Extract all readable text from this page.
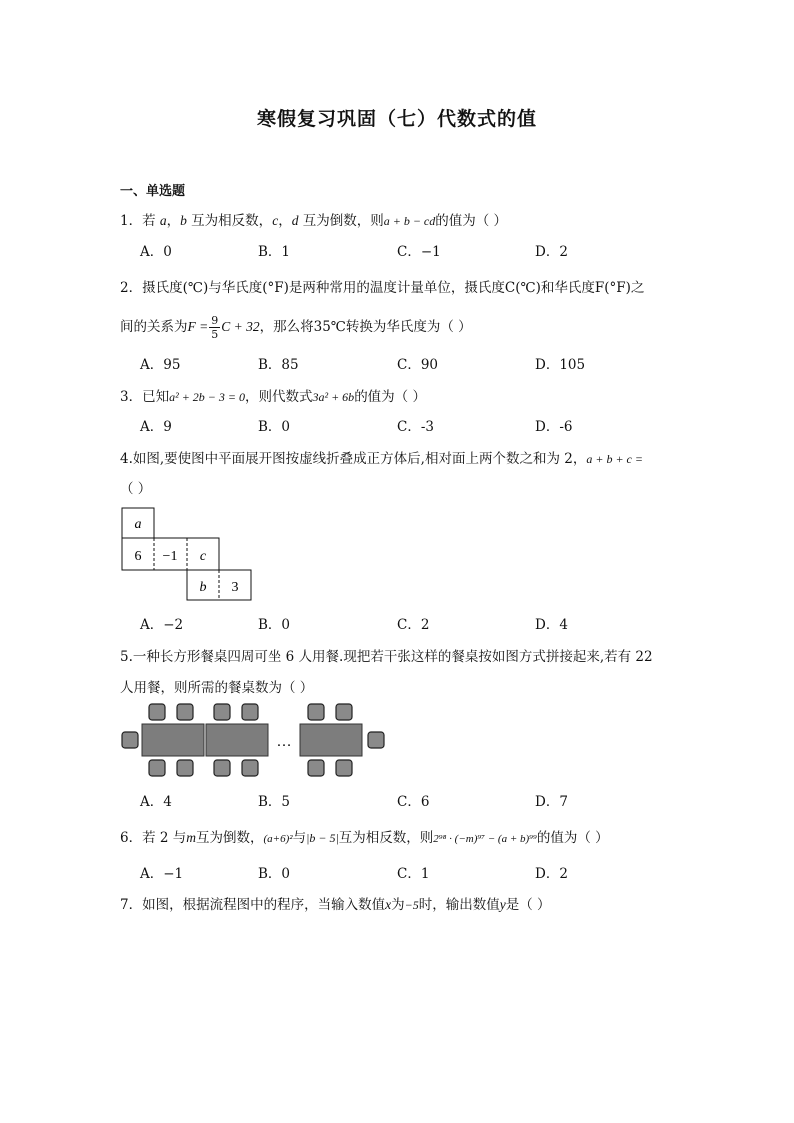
寒假复习巩固（七）代数式的值
一、单选题
1．若 a，b 互为相反数，c，d 互为倒数，则a + b − cd的值为（ ）
A．0	B．1	C．−1	D．2
2．摄氏度(℃)与华氏度(°F)是两种常用的温度计量单位，摄氏度C(℃)和华氏度F(°F)之
间的关系为$F = \frac{9}{5}$ C + 32，那么将35℃转换为华氏度为（ ）
A．95	B．85	C．90	D．105
3．已知a² + 2b − 3 = 0，则代数式3a² + 6b的值为（ ）
A．9	B．0	C．-3	D．-6
4.如图,要使图中平面展开图按虚线折叠成正方体后,相对面上两个数之和为 2，a + b + c =
（ ）
a
6 −1 c
b 3
A．−2	B．0	C．2	D．4
5.一种长方形餐桌四周可坐 6 人用餐.现把若干张这样的餐桌按如图方式拼接起来,若有 22
人用餐，则所需的餐桌数为（ ）
…
A．4	B．5	C．6	D．7
6．若 2 与m互为倒数，(a+6)²与|b − 5|互为相反数，则2⁹⁸ · (−m)⁹⁷ − (a + b)⁹⁹的值为（ ）
A．−1	B．0	C．1	D．2
7．如图，根据流程图中的程序，当输入数值x为−5时，输出数值y是（ ）
